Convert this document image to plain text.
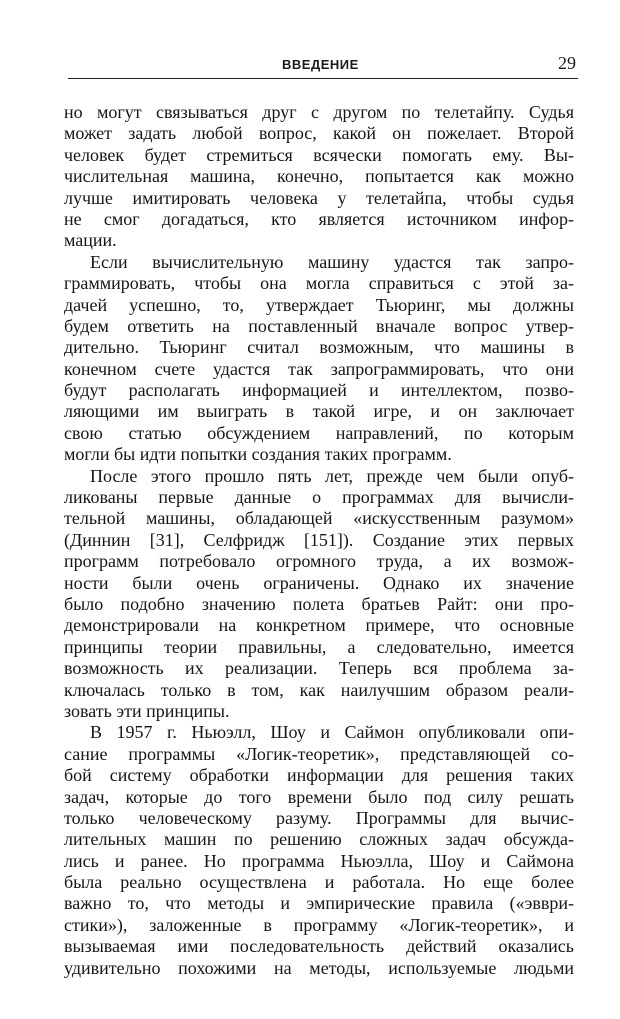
ВВЕДЕНИЕ	29
но могут связываться друг с другом по телетайпу. Судья
может задать любой вопрос, какой он пожелает. Второй
человек будет стремиться всячески помогать ему. Вы-
числительная машина, конечно, попытается как можно
лучше имитировать человека у телетайпа, чтобы судья
не смог догадаться, кто является источником инфор-
мации.
Если вычислительную машину удастся так запро-
граммировать, чтобы она могла справиться с этой за-
дачей успешно, то, утверждает Тьюринг, мы должны
будем ответить на поставленный вначале вопрос утвер-
дительно. Тьюринг считал возможным, что машины в
конечном счете удастся так запрограммировать, что они
будут располагать информацией и интеллектом, позво-
ляющими им выиграть в такой игре, и он заключает
свою статью обсуждением направлений, по которым
могли бы идти попытки создания таких программ.
После этого прошло пять лет, прежде чем были опуб-
ликованы первые данные о программах для вычисли-
тельной машины, обладающей «искусственным разумом»
(Диннин [31], Селфридж [151]). Создание этих первых
программ потребовало огромного труда, а их возмож-
ности были очень ограничены. Однако их значение
было подобно значению полета братьев Райт: они про-
демонстрировали на конкретном примере, что основные
принципы теории правильны, а следовательно, имеется
возможность их реализации. Теперь вся проблема за-
ключалась только в том, как наилучшим образом реали-
зовать эти принципы.
В 1957 г. Ньюэлл, Шоу и Саймон опубликовали опи-
сание программы «Логик-теоретик», представляющей со-
бой систему обработки информации для решения таких
задач, которые до того времени было под силу решать
только человеческому разуму. Программы для вычис-
лительных машин по решению сложных задач обсужда-
лись и ранее. Но программа Ньюэлла, Шоу и Саймона
была реально осуществлена и работала. Но еще более
важно то, что методы и эмпирические правила («эвври-
стики»), заложенные в программу «Логик-теоретик», и
вызываемая ими последовательность действий оказались
удивительно похожими на методы, используемые людьми
